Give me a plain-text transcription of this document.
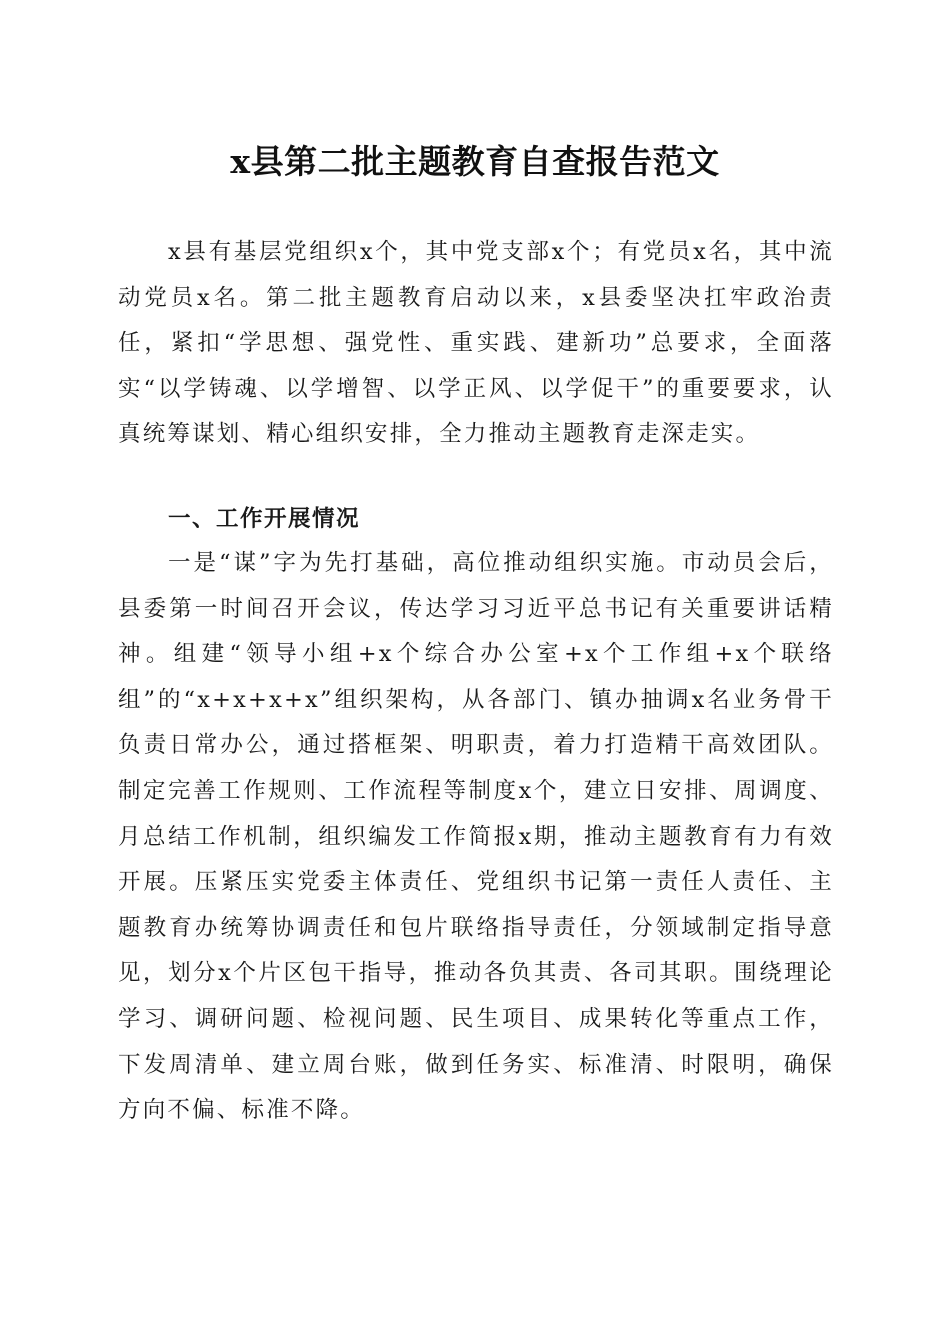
x县第二批主题教育自查报告范文

x县有基层党组织x个，其中党支部x个；有党员x名，其中流动党员x名。第二批主题教育启动以来，x县委坚决扛牢政治责任，紧扣“学思想、强党性、重实践、建新功”总要求，全面落实“以学铸魂、以学增智、以学正风、以学促干”的重要要求，认真统筹谋划、精心组织安排，全力推动主题教育走深走实。

一、工作开展情况

一是“谋”字为先打基础，高位推动组织实施。市动员会后，县委第一时间召开会议，传达学习习近平总书记有关重要讲话精神。组建“领导小组+x个综合办公室+x个工作组+x个联络组”的“x+x+x+x”组织架构，从各部门、镇办抽调x名业务骨干负责日常办公，通过搭框架、明职责，着力打造精干高效团队。制定完善工作规则、工作流程等制度x个，建立日安排、周调度、月总结工作机制，组织编发工作简报x期，推动主题教育有力有效开展。压紧压实党委主体责任、党组织书记第一责任人责任、主题教育办统筹协调责任和包片联络指导责任，分领域制定指导意见，划分x个片区包干指导，推动各负其责、各司其职。围绕理论学习、调研问题、检视问题、民生项目、成果转化等重点工作，下发周清单、建立周台账，做到任务实、标准清、时限明，确保方向不偏、标准不降。
